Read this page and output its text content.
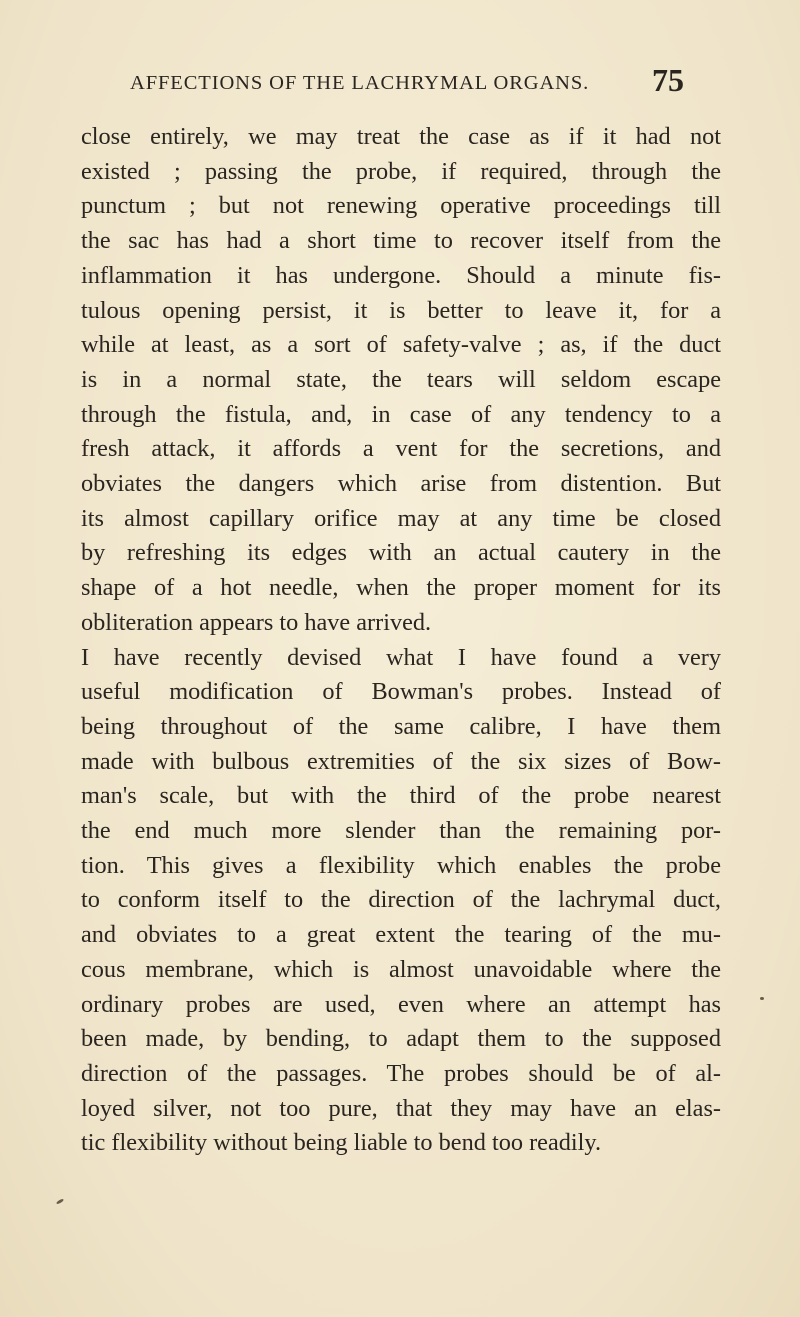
AFFECTIONS OF THE LACHRYMAL ORGANS. 75
close entirely, we may treat the case as if it had not
existed ; passing the probe, if required, through the
punctum ; but not renewing operative proceedings till
the sac has had a short time to recover itself from the
inflammation it has undergone. Should a minute fis-
tulous opening persist, it is better to leave it, for a
while at least, as a sort of safety-valve ; as, if the duct
is in a normal state, the tears will seldom escape
through the fistula, and, in case of any tendency to a
fresh attack, it affords a vent for the secretions, and
obviates the dangers which arise from distention. But
its almost capillary orifice may at any time be closed
by refreshing its edges with an actual cautery in the
shape of a hot needle, when the proper moment for its
obliteration appears to have arrived.
I have recently devised what I have found a very
useful modification of Bowman's probes. Instead of
being throughout of the same calibre, I have them
made with bulbous extremities of the six sizes of Bow-
man's scale, but with the third of the probe nearest
the end much more slender than the remaining por-
tion. This gives a flexibility which enables the probe
to conform itself to the direction of the lachrymal duct,
and obviates to a great extent the tearing of the mu-
cous membrane, which is almost unavoidable where the
ordinary probes are used, even where an attempt has
been made, by bending, to adapt them to the supposed
direction of the passages. The probes should be of al-
loyed silver, not too pure, that they may have an elas-
tic flexibility without being liable to bend too readily.
